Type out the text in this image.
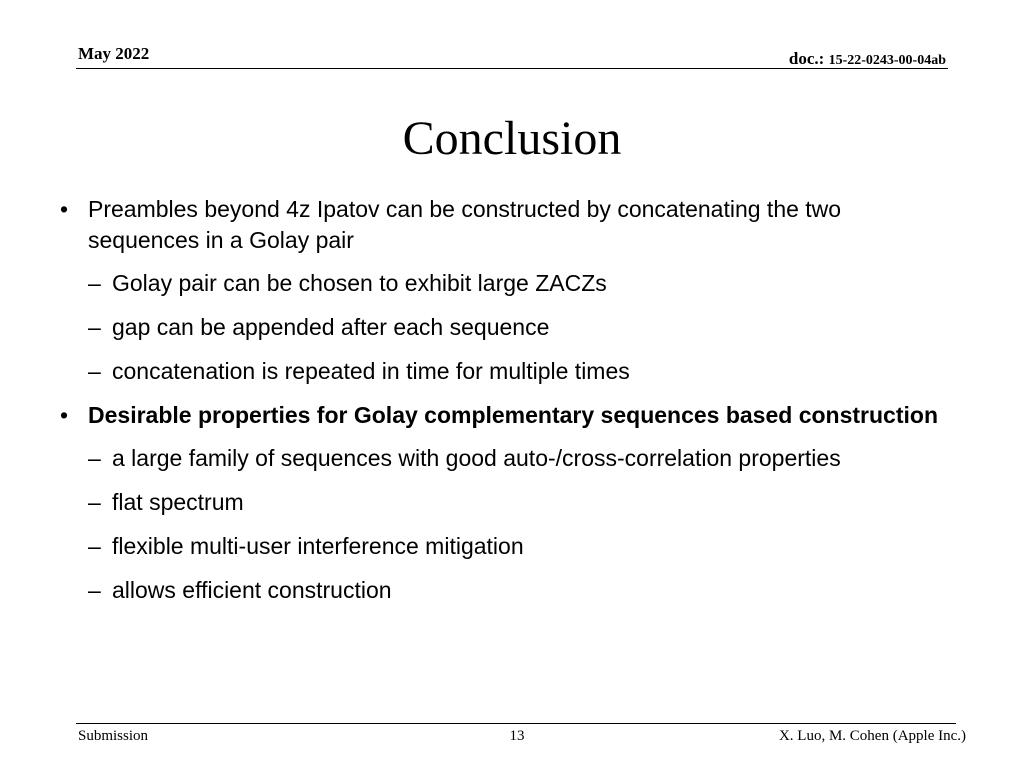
May 2022	doc.: 15-22-0243-00-04ab
Conclusion
• Preambles beyond 4z Ipatov can be constructed by concatenating the two sequences in a Golay pair
– Golay pair can be chosen to exhibit large ZACZs
– gap can be appended after each sequence
– concatenation is repeated in time for multiple times
• Desirable properties for Golay complementary sequences based construction
– a large family of sequences with good auto-/cross-correlation properties
– flat spectrum
– flexible multi-user interference mitigation
– allows efficient construction
Submission	13	X. Luo, M. Cohen (Apple Inc.)
